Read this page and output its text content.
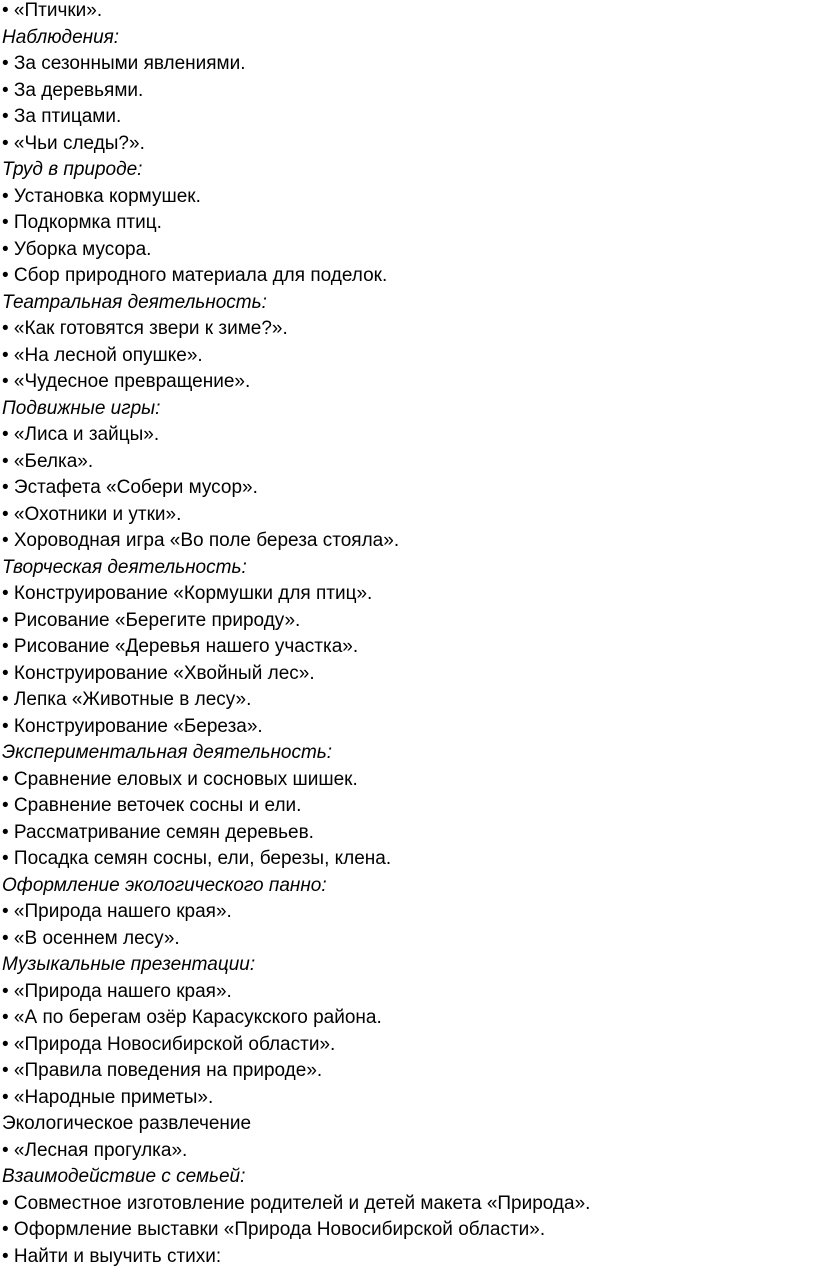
• «Птички».
Наблюдения:
• За сезонными явлениями.
• За деревьями.
• За птицами.
• «Чьи следы?».
Труд в природе:
• Установка кормушек.
• Подкормка птиц.
• Уборка мусора.
• Сбор природного материала для поделок.
Театральная деятельность:
• «Как готовятся звери к зиме?».
• «На лесной опушке».
• «Чудесное превращение».
Подвижные игры:
• «Лиса и зайцы».
• «Белка».
• Эстафета «Собери мусор».
• «Охотники и утки».
• Хороводная игра «Во поле береза стояла».
Творческая деятельность:
• Конструирование «Кормушки для птиц».
• Рисование «Берегите природу».
• Рисование «Деревья нашего участка».
• Конструирование «Хвойный лес».
• Лепка «Животные в лесу».
• Конструирование «Береза».
Экспериментальная деятельность:
• Сравнение еловых и сосновых шишек.
• Сравнение веточек сосны и ели.
• Рассматривание семян деревьев.
• Посадка семян сосны, ели, березы, клена.
Оформление экологического панно:
• «Природа нашего края».
• «В осеннем лесу».
Музыкальные презентации:
• «Природа нашего края».
• «А по берегам озёр Карасукского района.
• «Природа Новосибирской области».
• «Правила поведения на природе».
• «Народные приметы».
Экологическое развлечение
• «Лесная прогулка».
Взаимодействие с семьей:
• Совместное изготовление родителей и детей макета «Природа».
• Оформление выставки «Природа Новосибирской области».
• Найти и выучить стихи:
